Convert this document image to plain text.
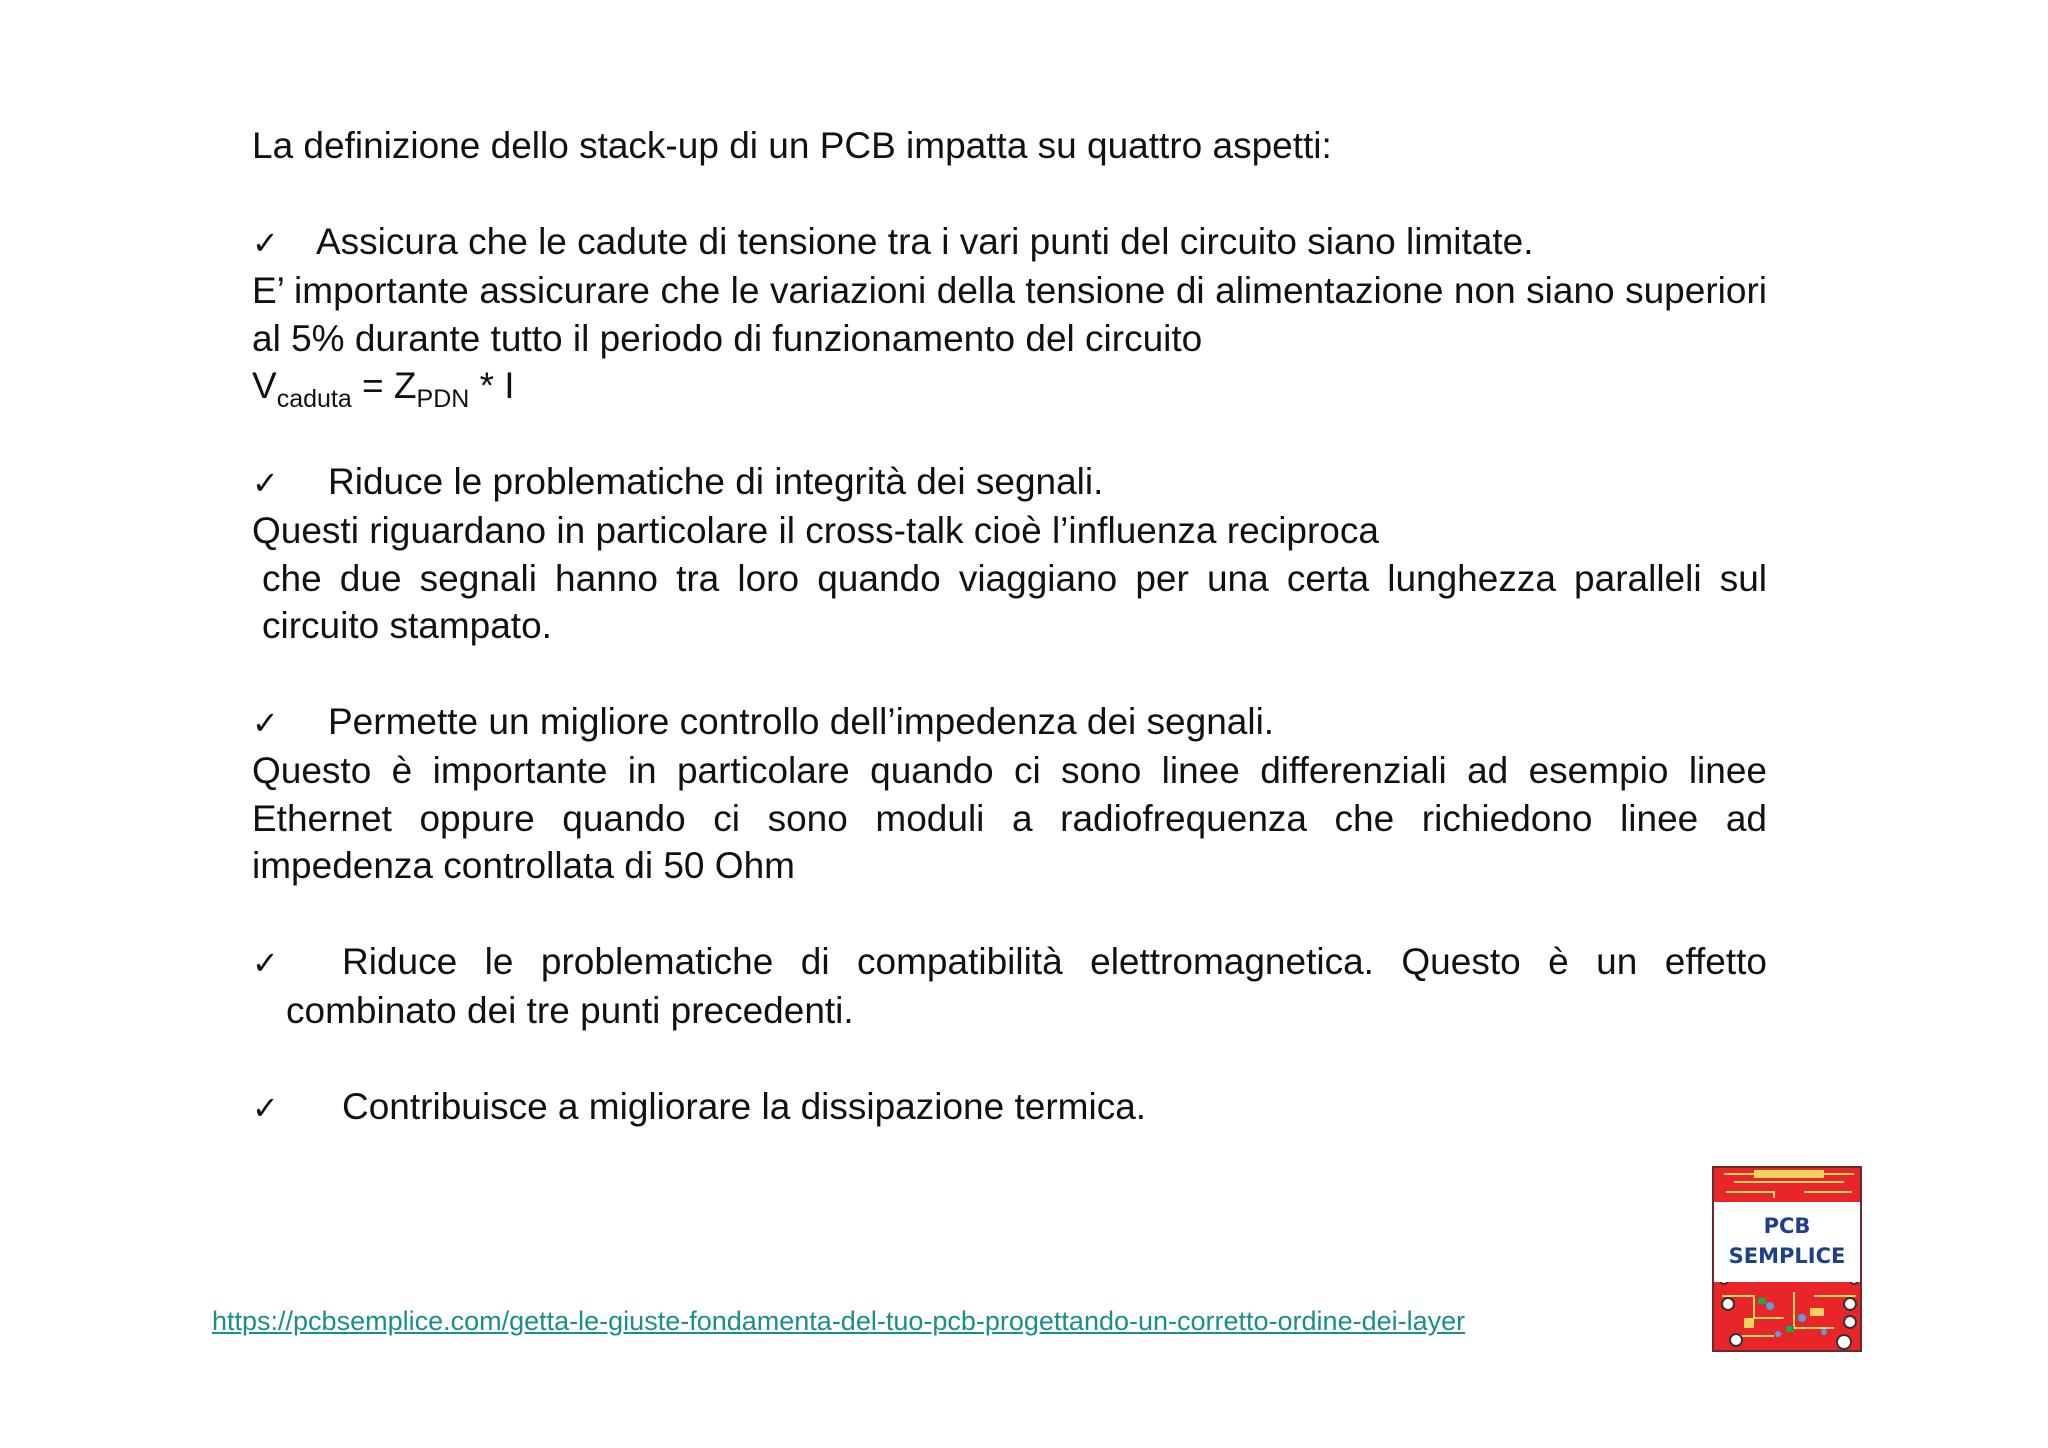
La definizione dello stack-up di un PCB impatta su quattro aspetti:

✓ Assicura che le cadute di tensione tra i vari punti del circuito siano limitate.

E’ importante assicurare che le variazioni della tensione di alimentazione non siano superiori al 5% durante tutto il periodo di funzionamento del circuito

$V_{caduta} = Z_{PDN} * I$

✓ Riduce le problematiche di integrità dei segnali.

Questi riguardano in particolare il cross-talk cioè l’influenza reciproca

che due segnali hanno tra loro quando viaggiano per una certa lunghezza paralleli sul circuito stampato.

✓ Permette un migliore controllo dell’impedenza dei segnali.

Questo è importante in particolare quando ci sono linee differenziali ad esempio linee Ethernet oppure quando ci sono moduli a radiofrequenza che richiedono linee ad impedenza controllata di 50 Ohm

✓ Riduce le problematiche di compatibilità elettromagnetica. Questo è un effetto combinato dei tre punti precedenti.

✓ Contribuisce a migliorare la dissipazione termica.

https://pcbsemplice.com/getta-le-giuste-fondamenta-del-tuo-pcb-progettando-un-corretto-ordine-dei-layer
PCB
SEMPLICE
